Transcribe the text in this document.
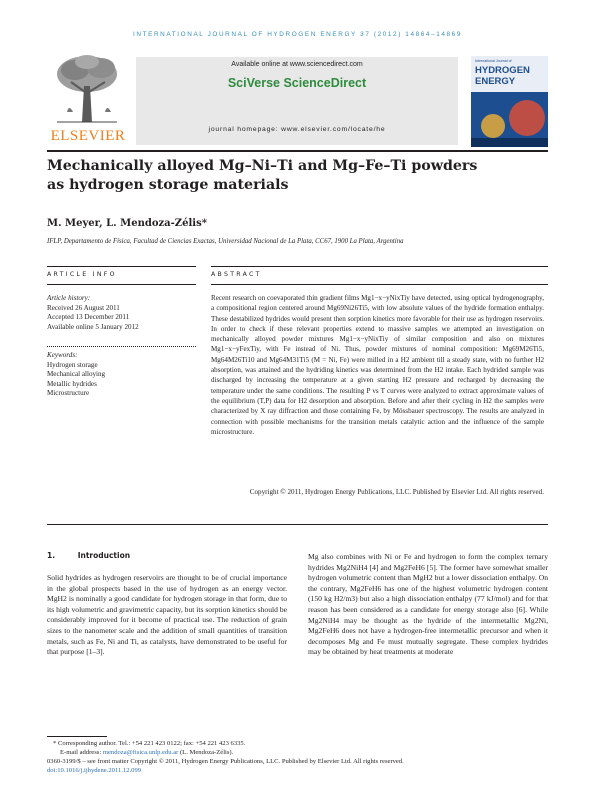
INTERNATIONAL JOURNAL OF HYDROGEN ENERGY 37 (2012) 14864–14869
ELSEVIER
Available online at www.sciencedirect.com
SciVerse ScienceDirect
journal homepage: www.elsevier.com/locate/he
International Journal of
HYDROGEN
ENERGY
Mechanically alloyed Mg–Ni–Ti and Mg–Fe–Ti powders
as hydrogen storage materials
M. Meyer, L. Mendoza-Zélis*
IFLP, Departamento de Física, Facultad de Ciencias Exactas, Universidad Nacional de La Plata, CC67, 1900 La Plata, Argentina
ARTICLE INFO	ABSTRACT
Article history:
Received 26 August 2011
Accepted 13 December 2011
Available online 5 January 2012
Keywords:
Hydrogen storage
Mechanical alloying
Metallic hydrides
Microstructure
Recent research on coevaporated thin gradient films Mg1−x−yNixTiy have detected, using optical hydrogenography, a compositional region centered around Mg69Ni26Ti5, with low absolute values of the hydride formation enthalpy. These destabilized hydrides would present then sorption kinetics more favorable for their use as hydrogen reservoirs. In order to check if these relevant properties extend to massive samples we attempted an investigation on mechanically alloyed powder mixtures Mg1−x−yNixTiy of similar composition and also on mixtures Mg1−x−yFexTiy, with Fe instead of Ni. Thus, powder mixtures of nominal composition: Mg69M26Ti5, Mg64M26Ti10 and Mg64M31Ti5 (M = Ni, Fe) were milled in a H2 ambient till a steady state, with no further H2 absorption, was attained and the hydriding kinetics was determined from the H2 intake. Each hydrided sample was discharged by increasing the temperature at a given starting H2 pressure and recharged by decreasing the temperature under the same conditions. The resulting P vs T curves were analyzed to extract approximate values of the equilibrium (T,P) data for H2 desorption and absorption. Before and after their cycling in H2 the samples were characterized by X ray diffraction and those containing Fe, by Mössbauer spectroscopy. The results are analyzed in connection with possible mechanisms for the transition metals catalytic action and the influence of the sample microstructure.
Copyright © 2011, Hydrogen Energy Publications, LLC. Published by Elsevier Ltd. All rights reserved.
1.	Introduction
Solid hydrides as hydrogen reservoirs are thought to be of crucial importance in the global prospects based in the use of hydrogen as an energy vector. MgH2 is nominally a good candidate for hydrogen storage in that form, due to its high volumetric and gravimetric capacity, but its sorption kinetics should be considerably improved for it become of practical use. The reduction of grain sizes to the nanometer scale and the addition of small quantities of transition metals, such as Fe, Ni and Ti, as catalysts, have demonstrated to be useful for that purpose [1–3].
Mg also combines with Ni or Fe and hydrogen to form the complex ternary hydrides Mg2NiH4 [4] and Mg2FeH6 [5]. The former have somewhat smaller hydrogen volumetric content than MgH2 but a lower dissociation enthalpy. On the contrary, Mg2FeH6 has one of the highest volumetric hydrogen content (150 kg H2/m3) but also a high dissociation enthalpy (77 kJ/mol) and for that reason has been considered as a candidate for energy storage also [6]. While Mg2NiH4 may be thought as the hydride of the intermetallic Mg2Ni, Mg2FeH6 does not have a hydrogen-free intermetallic precursor and when it decomposes Mg and Fe must mutually segregate. These complex hydrides may be obtained by heat treatments at moderate
* Corresponding author. Tel.: +54 221 423 0122; fax: +54 221 423 6335.
E-mail address: mendoza@fisica.unlp.edu.ar (L. Mendoza-Zélis).
0360-3199/$ – see front matter Copyright © 2011, Hydrogen Energy Publications, LLC. Published by Elsevier Ltd. All rights reserved.
doi:10.1016/j.ijhydene.2011.12.099
